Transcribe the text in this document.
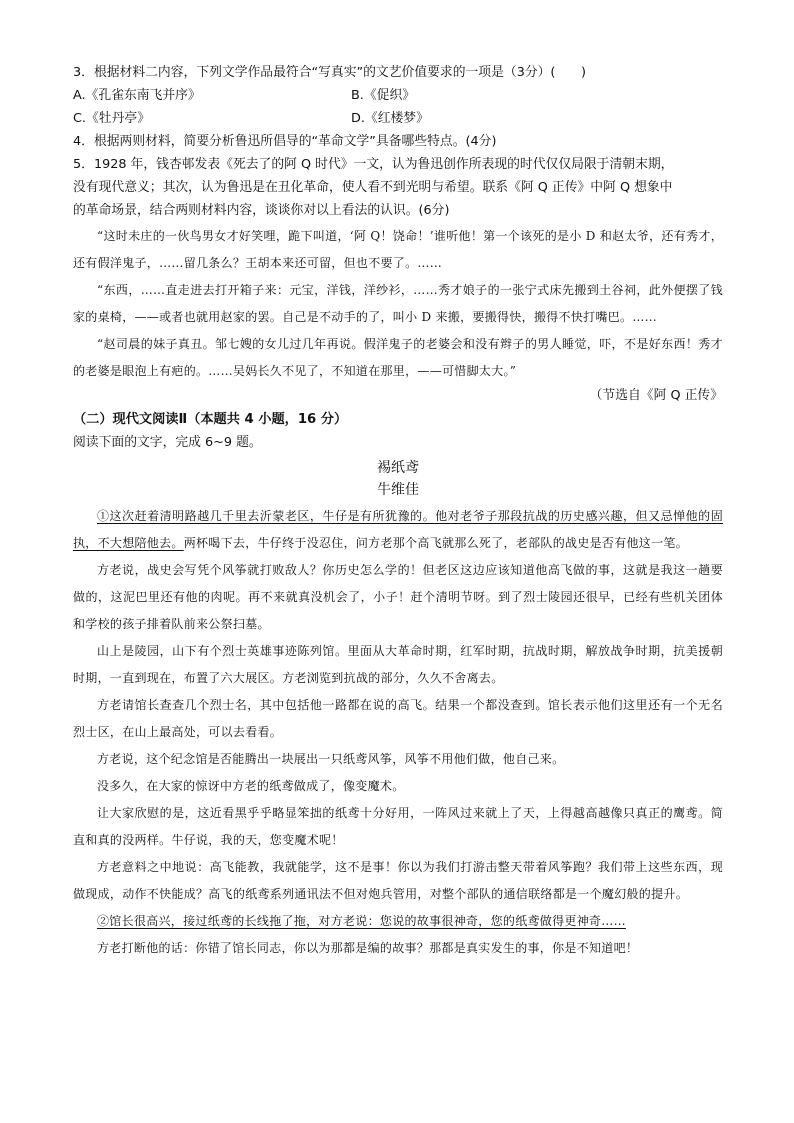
3．根据材料二内容，下列文学作品最符合“写真实”的文艺价值要求的一项是（3分）(　　)

A.《孔雀东南飞并序》	B.《促织》
C.《牡丹亭》	D.《红楼梦》

4．根据两则材料，简要分析鲁迅所倡导的“革命文学”具备哪些特点。(4分)

5．1928 年，钱杏邨发表《死去了的阿 Q 时代》一文，认为鲁迅创作所表现的时代仅仅局限于清朝末期，

没有现代意义；其次，认为鲁迅是在丑化革命，使人看不到光明与希望。联系《阿 Q 正传》中阿 Q 想象中

的革命场景，结合两则材料内容，谈谈你对以上看法的认识。(6分)

“这时未庄的一伙鸟男女才好笑哩，跪下叫道，‘阿 Q！饶命！’谁听他！第一个该死的是小 D 和赵太爷，还有秀才，还有假洋鬼子，……留几条么？王胡本来还可留，但也不要了。……

“东西，……直走进去打开箱子来：元宝，洋钱，洋纱衫，……秀才娘子的一张宁式床先搬到土谷祠，此外便摆了钱家的桌椅，——或者也就用赵家的罢。自己是不动手的了，叫小 D 来搬，要搬得快，搬得不快打嘴巴。……

“赵司晨的妹子真丑。邹七嫂的女儿过几年再说。假洋鬼子的老婆会和没有辫子的男人睡觉，吓，不是好东西！秀才的老婆是眼泡上有疤的。……吴妈长久不见了，不知道在那里，——可惜脚太大。”

（节选自《阿 Q 正传》

（二）现代文阅读Ⅱ（本题共 4 小题，16 分）

阅读下面的文字，完成 6~9 题。

裼纸鸢

牛维佳

①这次赶着清明路越几千里去沂蒙老区，牛仔是有所犹豫的。他对老爷子那段抗战的历史感兴趣，但又忌惮他的固执，不大想陪他去。两杯喝下去，牛仔终于没忍住，问方老那个高飞就那么死了，老部队的战史是否有他这一笔。

方老说，战史会写凭个风筝就打败敌人？你历史怎么学的！但老区这边应该知道他高飞做的事，这就是我这一趟要做的，这泥巴里还有他的肉呢。再不来就真没机会了，小子！赶个清明节呀。到了烈士陵园还很早，已经有些机关团体和学校的孩子排着队前来公祭扫墓。

山上是陵园，山下有个烈士英雄事迹陈列馆。里面从大革命时期，红军时期，抗战时期，解放战争时期，抗美援朝时期，一直到现在，布置了六大展区。方老浏览到抗战的部分，久久不舍离去。

方老请馆长查查几个烈士名，其中包括他一路都在说的高飞。结果一个都没查到。馆长表示他们这里还有一个无名烈士区，在山上最高处，可以去看看。

方老说，这个纪念馆是否能腾出一块展出一只纸鸢风筝，风筝不用他们做，他自己来。

没多久，在大家的惊讶中方老的纸鸢做成了，像变魔术。

让大家欣慰的是，这近看黑乎乎略显笨拙的纸鸢十分好用，一阵风过来就上了天，上得越高越像只真正的鹰鸢。简直和真的没两样。牛仔说，我的天，您变魔术呢！

方老意料之中地说：高飞能教，我就能学，这不是事！你以为我们打游击整天带着风筝跑？我们带上这些东西，现做现成，动作不快能成？高飞的纸鸢系列通讯法不但对炮兵管用，对整个部队的通信联络都是一个魔幻般的提升。

②馆长很高兴，接过纸鸢的长线拖了拖，对方老说：您说的故事很神奇，您的纸鸢做得更神奇……

方老打断他的话：你错了馆长同志，你以为那都是编的故事？那都是真实发生的事，你是不知道吧！
